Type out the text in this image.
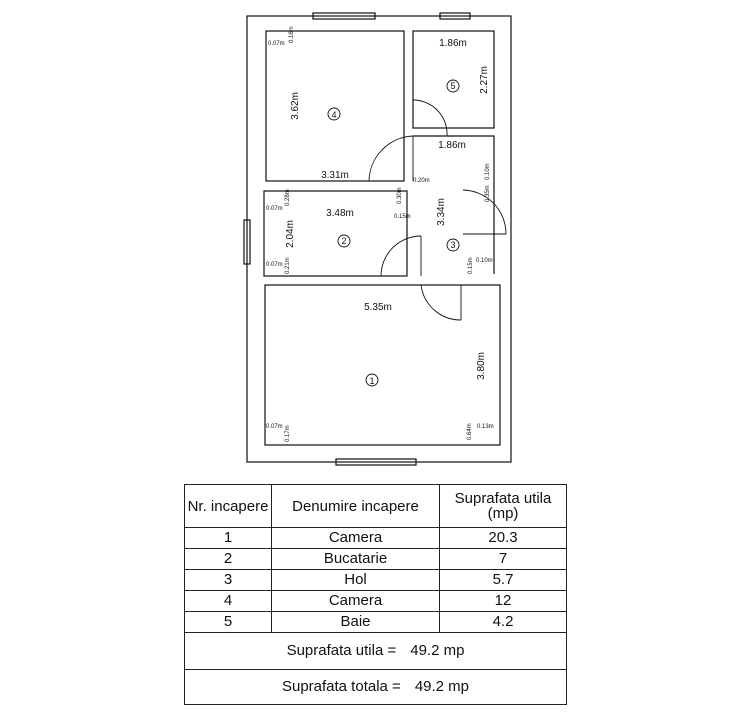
4
3.62m
3.31m
0.07m
0.16m
5
1.86m
2.27m
3
1.86m
3.34m
0.20m
0.10m
0.35m
0.15m 0.10m
2
3.48m
2.04m
0.07m
0.28m
0.07m 0.21m
0.30m
0.15m
1
5.35m
3.80m
0.07m 0.17m	0.64m 0.13m
Nr. incapere	Denumire incapere	Suprafata utila (mp)
1	Camera	20.3
2	Bucatarie	7
3	Hol	5.7
4	Camera	12
5	Baie	4.2
Suprafata utila = 49.2 mp		
Suprafata totala = 49.2 mp		
